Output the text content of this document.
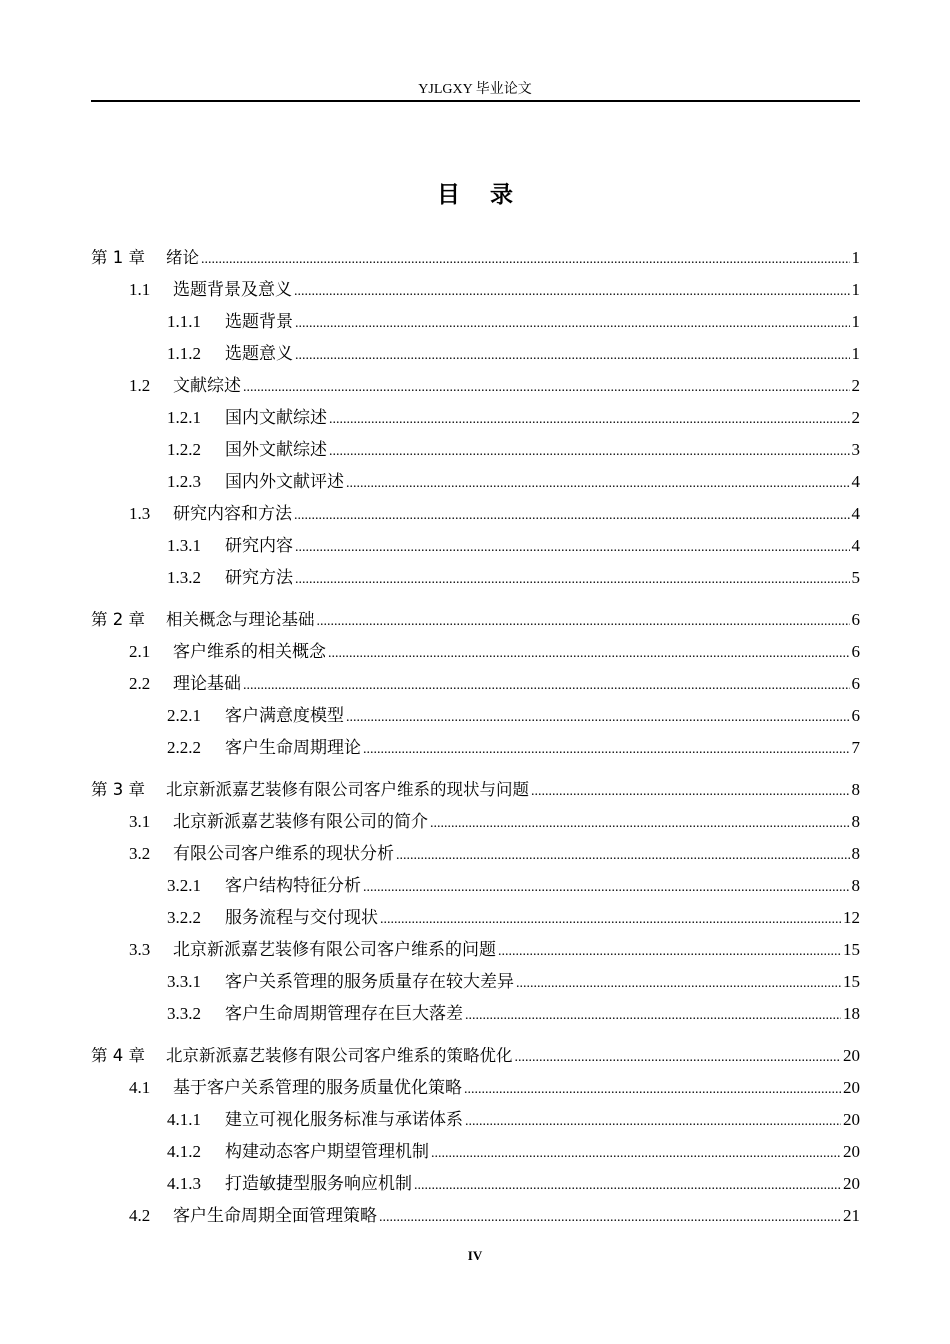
YJLGXY 毕业论文
目录
第 1 章	绪论 .....	1
1.1	选题背景及意义 .....	1
1.1.1	选题背景 .....	1
1.1.2	选题意义 .....	1
1.2	文献综述 .....	2
1.2.1	国内文献综述 .....	2
1.2.2	国外文献综述 .....	3
1.2.3	国内外文献评述 .....	4
1.3	研究内容和方法 .....	4
1.3.1	研究内容 .....	4
1.3.2	研究方法 .....	5
第 2 章	相关概念与理论基础 .....	6
2.1	客户维系的相关概念 .....	6
2.2	理论基础 .....	6
2.2.1	客户满意度模型 .....	6
2.2.2	客户生命周期理论 .....	7
第 3 章	北京新派嘉艺装修有限公司客户维系的现状与问题 .....	8
3.1	北京新派嘉艺装修有限公司的简介 .....	8
3.2	有限公司客户维系的现状分析 .....	8
3.2.1	客户结构特征分析 .....	8
3.2.2	服务流程与交付现状 .....	12
3.3	北京新派嘉艺装修有限公司客户维系的问题 .....	15
3.3.1	客户关系管理的服务质量存在较大差异 .....	15
3.3.2	客户生命周期管理存在巨大落差 .....	18
第 4 章	北京新派嘉艺装修有限公司客户维系的策略优化 .....	20
4.1	基于客户关系管理的服务质量优化策略 .....	20
4.1.1	建立可视化服务标准与承诺体系 .....	20
4.1.2	构建动态客户期望管理机制 .....	20
4.1.3	打造敏捷型服务响应机制 .....	20
4.2	客户生命周期全面管理策略 .....	21
IV
